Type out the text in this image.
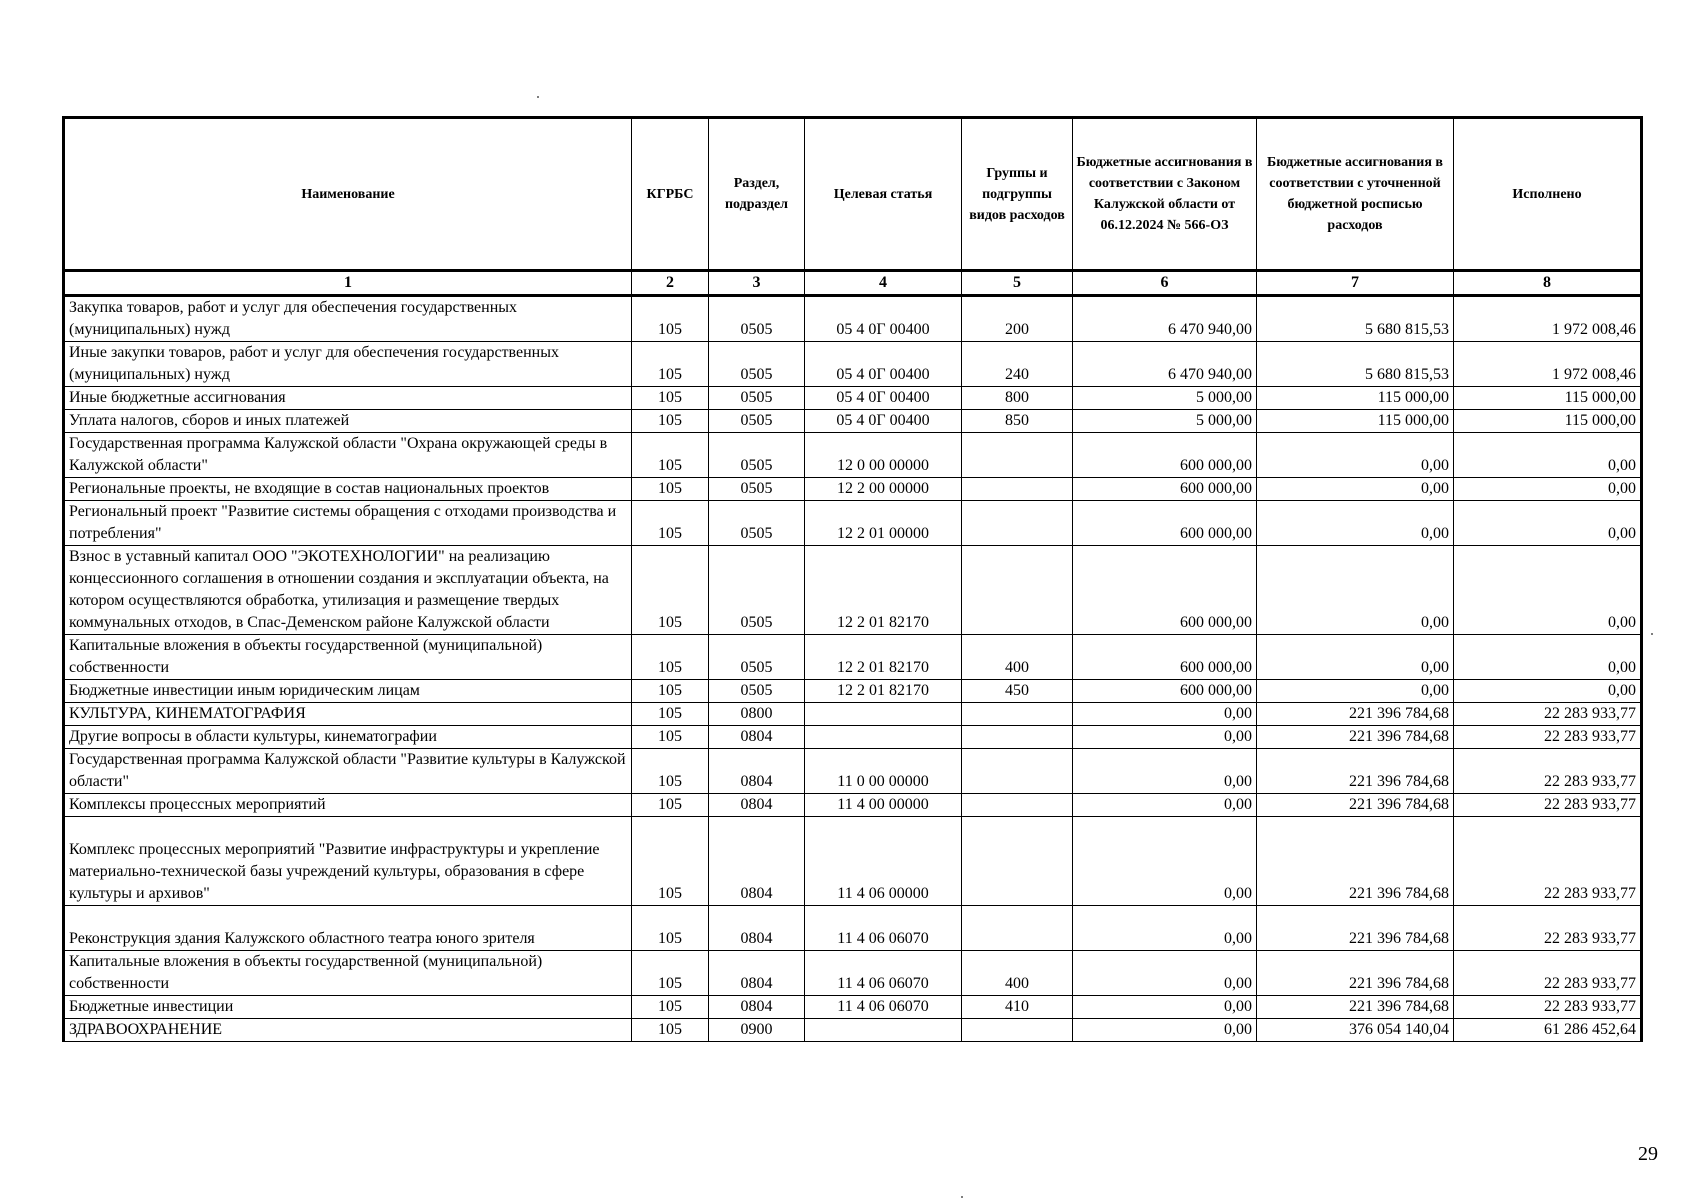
Наименование	КГРБС	Раздел, подраздел	Целевая статья	Группы и подгруппы видов расходов	Бюджетные ассигнования в соответствии с Законом Калужской области от 06.12.2024 № 566-ОЗ	Бюджетные ассигнования в соответствии с уточненной бюджетной росписью расходов	Исполнено
1	2	3	4	5	6	7	8
Закупка товаров, работ и услуг для обеспечения государственных (муниципальных) нужд	105	0505	05 4 0Г 00400	200	6 470 940,00	5 680 815,53	1 972 008,46
Иные закупки товаров, работ и услуг для обеспечения государственных (муниципальных) нужд	105	0505	05 4 0Г 00400	240	6 470 940,00	5 680 815,53	1 972 008,46
Иные бюджетные ассигнования	105	0505	05 4 0Г 00400	800	5 000,00	115 000,00	115 000,00
Уплата налогов, сборов и иных платежей	105	0505	05 4 0Г 00400	850	5 000,00	115 000,00	115 000,00
Государственная программа Калужской области "Охрана окружающей среды в Калужской области"	105	0505	12 0 00 00000		600 000,00	0,00	0,00
Региональные проекты, не входящие в состав национальных проектов	105	0505	12 2 00 00000		600 000,00	0,00	0,00
Региональный проект "Развитие системы обращения с отходами производства и потребления"	105	0505	12 2 01 00000		600 000,00	0,00	0,00
Взнос в уставный капитал ООО "ЭКОТЕХНОЛОГИИ" на реализацию концессионного соглашения в отношении создания и эксплуатации объекта, на котором осуществляются обработка, утилизация и размещение твердых коммунальных отходов, в Спас-Деменском районе Калужской области	105	0505	12 2 01 82170		600 000,00	0,00	0,00
Капитальные вложения в объекты государственной (муниципальной) собственности	105	0505	12 2 01 82170	400	600 000,00	0,00	0,00
Бюджетные инвестиции иным юридическим лицам	105	0505	12 2 01 82170	450	600 000,00	0,00	0,00
КУЛЬТУРА, КИНЕМАТОГРАФИЯ	105	0800			0,00	221 396 784,68	22 283 933,77
Другие вопросы в области культуры, кинематографии	105	0804			0,00	221 396 784,68	22 283 933,77
Государственная программа Калужской области "Развитие культуры в Калужской области"	105	0804	11 0 00 00000		0,00	221 396 784,68	22 283 933,77
Комплексы процессных мероприятий	105	0804	11 4 00 00000		0,00	221 396 784,68	22 283 933,77
Комплекс процессных мероприятий "Развитие инфраструктуры и укрепление материально-технической базы учреждений культуры, образования в сфере культуры и архивов"	105	0804	11 4 06 00000		0,00	221 396 784,68	22 283 933,77
Реконструкция здания Калужского областного театра юного зрителя	105	0804	11 4 06 06070		0,00	221 396 784,68	22 283 933,77
Капитальные вложения в объекты государственной (муниципальной) собственности	105	0804	11 4 06 06070	400	0,00	221 396 784,68	22 283 933,77
Бюджетные инвестиции	105	0804	11 4 06 06070	410	0,00	221 396 784,68	22 283 933,77
ЗДРАВООХРАНЕНИЕ	105	0900			0,00	376 054 140,04	61 286 452,64
29
